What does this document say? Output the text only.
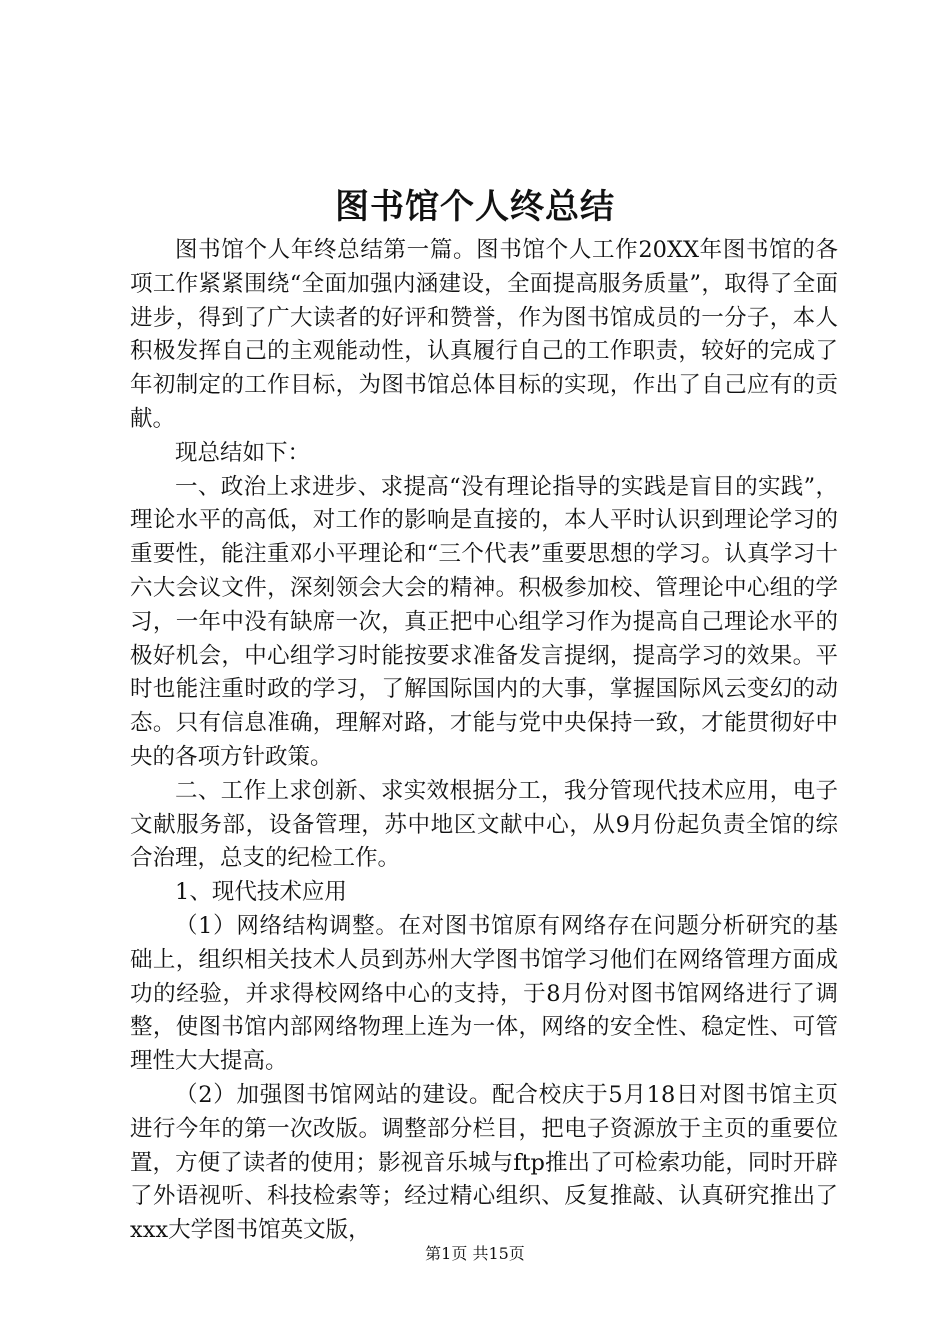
图书馆个人终总结

图书馆个人年终总结第一篇。图书馆个人工作20XX年图书馆的各项工作紧紧围绕“全面加强内涵建设，全面提高服务质量”，取得了全面进步，得到了广大读者的好评和赞誉，作为图书馆成员的一分子，本人积极发挥自己的主观能动性，认真履行自己的工作职责，较好的完成了年初制定的工作目标，为图书馆总体目标的实现，作出了自己应有的贡献。

现总结如下：

一、政治上求进步、求提高“没有理论指导的实践是盲目的实践”，理论水平的高低，对工作的影响是直接的，本人平时认识到理论学习的重要性，能注重邓小平理论和“三个代表”重要思想的学习。认真学习十六大会议文件，深刻领会大会的精神。积极参加校、管理论中心组的学习，一年中没有缺席一次，真正把中心组学习作为提高自己理论水平的极好机会，中心组学习时能按要求准备发言提纲，提高学习的效果。平时也能注重时政的学习，了解国际国内的大事，掌握国际风云变幻的动态。只有信息准确，理解对路，才能与党中央保持一致，才能贯彻好中央的各项方针政策。

二、工作上求创新、求实效根据分工，我分管现代技术应用，电子文献服务部，设备管理，苏中地区文献中心，从9月份起负责全馆的综合治理，总支的纪检工作。

1、现代技术应用

（1）网络结构调整。在对图书馆原有网络存在问题分析研究的基础上，组织相关技术人员到苏州大学图书馆学习他们在网络管理方面成功的经验，并求得校网络中心的支持，于8月份对图书馆网络进行了调整，使图书馆内部网络物理上连为一体，网络的安全性、稳定性、可管理性大大提高。

（2）加强图书馆网站的建设。配合校庆于5月18日对图书馆主页进行今年的第一次改版。调整部分栏目，把电子资源放于主页的重要位置，方便了读者的使用；影视音乐城与ftp推出了可检索功能，同时开辟了外语视听、科技检索等；经过精心组织、反复推敲、认真研究推出了xxx大学图书馆英文版，

第1页 共15页
